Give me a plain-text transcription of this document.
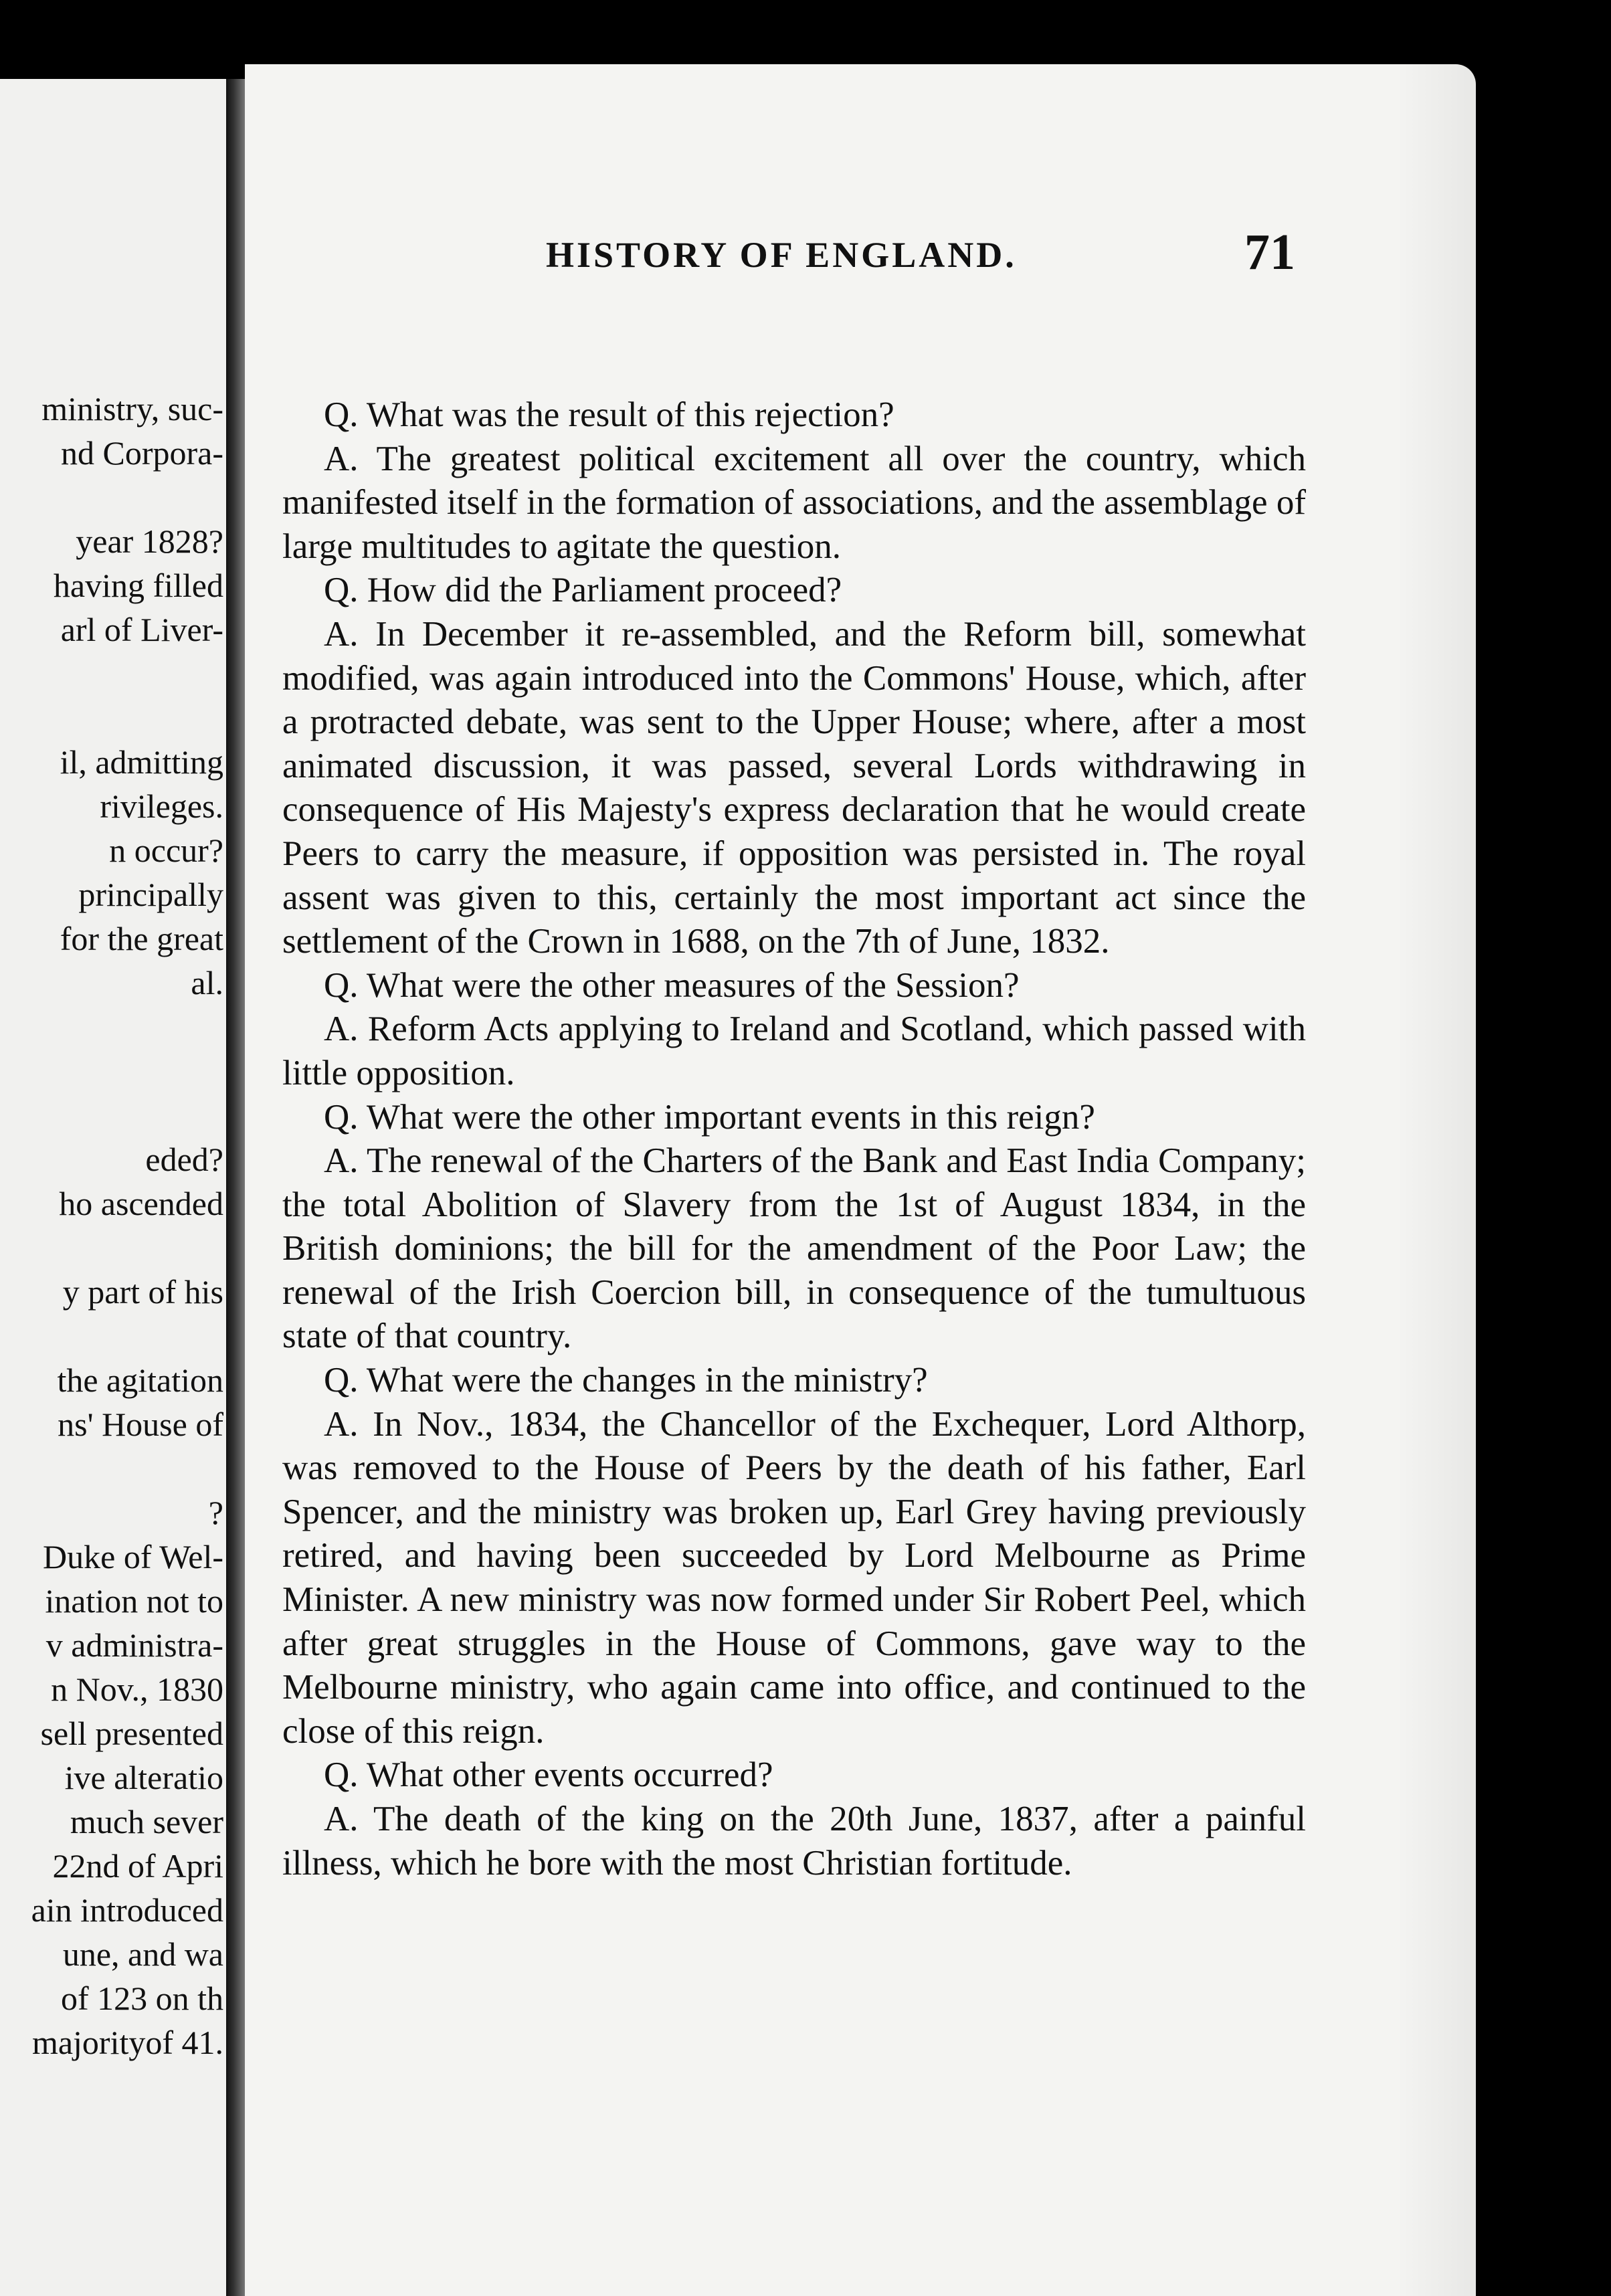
ministry, suc-
nd Corpora-
year 1828?
having filled
arl of Liver-
il, admitting
rivileges.
n occur?
principally
for the great
al.
eded?
ho ascended
y part of his
the agitation
ns' House of
?
Duke of Wel-
ination not to
v administra-
n Nov., 1830
sell presented
ive alteratio
much sever
22nd of Apri
ain introduced
une, and wa
of 123 on th
majorityof 41.
HISTORY OF ENGLAND.	71

Q. What was the result of this rejection?

A. The greatest political excitement all over the country, which manifested itself in the formation of associations, and the assemblage of large multitudes to agitate the question.

Q. How did the Parliament proceed?

A. In December it re-assembled, and the Reform bill, somewhat modified, was again introduced into the Commons' House, which, after a protracted debate, was sent to the Upper House; where, after a most animated discussion, it was passed, several Lords withdrawing in consequence of His Majesty's express declaration that he would create Peers to carry the measure, if opposition was persisted in. The royal assent was given to this, certainly the most important act since the settlement of the Crown in 1688, on the 7th of June, 1832.

Q. What were the other measures of the Session?

A. Reform Acts applying to Ireland and Scotland, which passed with little opposition.

Q. What were the other important events in this reign?

A. The renewal of the Charters of the Bank and East India Company; the total Abolition of Slavery from the 1st of August 1834, in the British dominions; the bill for the amendment of the Poor Law; the renewal of the Irish Coercion bill, in consequence of the tumultuous state of that country.

Q. What were the changes in the ministry?

A. In Nov., 1834, the Chancellor of the Exchequer, Lord Althorp, was removed to the House of Peers by the death of his father, Earl Spencer, and the ministry was broken up, Earl Grey having previously retired, and having been succeeded by Lord Melbourne as Prime Minister. A new ministry was now formed under Sir Robert Peel, which after great struggles in the House of Commons, gave way to the Melbourne ministry, who again came into office, and continued to the close of this reign.

Q. What other events occurred?

A. The death of the king on the 20th June, 1837, after a painful illness, which he bore with the most Christian fortitude.
